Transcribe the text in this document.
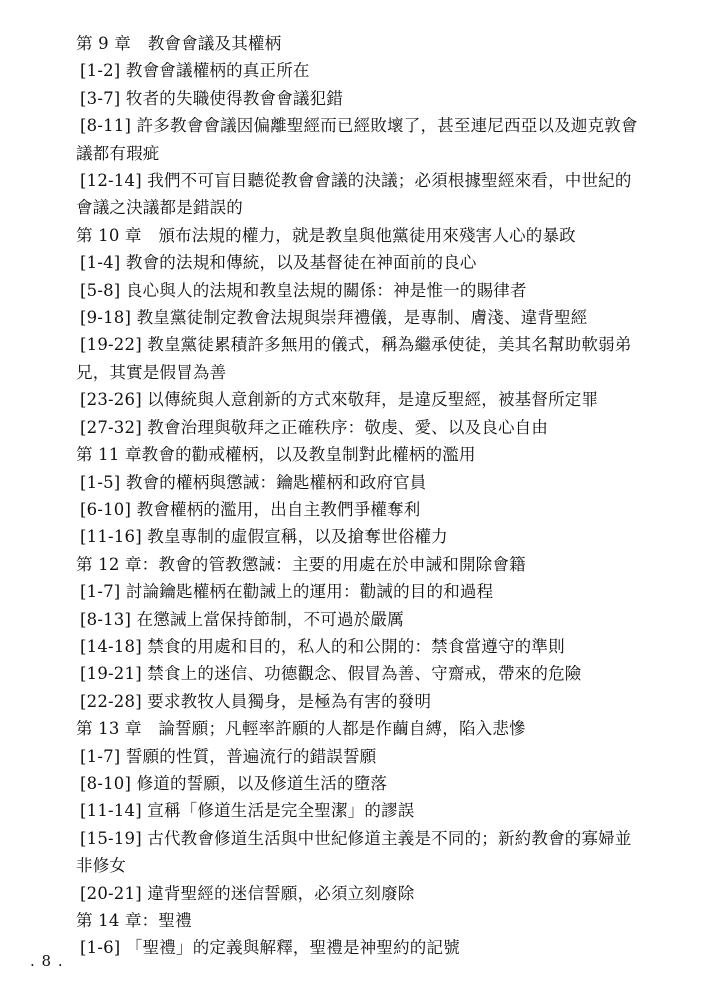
第 9 章　教會會議及其權柄
[1-2] 教會會議權柄的真正所在
[3-7] 牧者的失職使得教會會議犯錯
[8-11] 許多教會會議因偏離聖經而已經敗壞了，甚至連尼西亞以及迦克敦會議都有瑕疵
[12-14] 我們不可盲目聽從教會會議的決議；必須根據聖經來看，中世紀的會議之決議都是錯誤的
第 10 章　頒布法規的權力，就是教皇與他黨徒用來殘害人心的暴政
[1-4] 教會的法規和傳統，以及基督徒在神面前的良心
[5-8] 良心與人的法規和教皇法規的關係：神是惟一的賜律者
[9-18] 教皇黨徒制定教會法規與崇拜禮儀，是專制、膚淺、違背聖經
[19-22] 教皇黨徒累積許多無用的儀式，稱為繼承使徒，美其名幫助軟弱弟兄，其實是假冒為善
[23-26] 以傳統與人意創新的方式來敬拜，是違反聖經，被基督所定罪
[27-32] 教會治理與敬拜之正確秩序：敬虔、愛、以及良心自由
第 11 章教會的勸戒權柄，以及教皇制對此權柄的濫用
[1-5] 教會的權柄與懲誡：鑰匙權柄和政府官員
[6-10] 教會權柄的濫用，出自主教們爭權奪利
[11-16] 教皇專制的虛假宣稱，以及搶奪世俗權力
第 12 章：教會的管教懲誡：主要的用處在於申誡和開除會籍
[1-7] 討論鑰匙權柄在勸誡上的運用：勸誡的目的和過程
[8-13] 在懲誡上當保持節制，不可過於嚴厲
[14-18] 禁食的用處和目的，私人的和公開的：禁食當遵守的準則
[19-21] 禁食上的迷信、功德觀念、假冒為善、守齋戒，帶來的危險
[22-28] 要求教牧人員獨身，是極為有害的發明
第 13 章　論誓願；凡輕率許願的人都是作繭自縛，陷入悲慘
[1-7] 誓願的性質，普遍流行的錯誤誓願
[8-10] 修道的誓願，以及修道生活的墮落
[11-14] 宣稱「修道生活是完全聖潔」的謬誤
[15-19] 古代教會修道生活與中世紀修道主義是不同的；新約教會的寡婦並非修女
[20-21] 違背聖經的迷信誓願，必須立刻廢除
第 14 章：聖禮
[1-6] 「聖禮」的定義與解釋，聖禮是神聖約的記號
. 8 .
